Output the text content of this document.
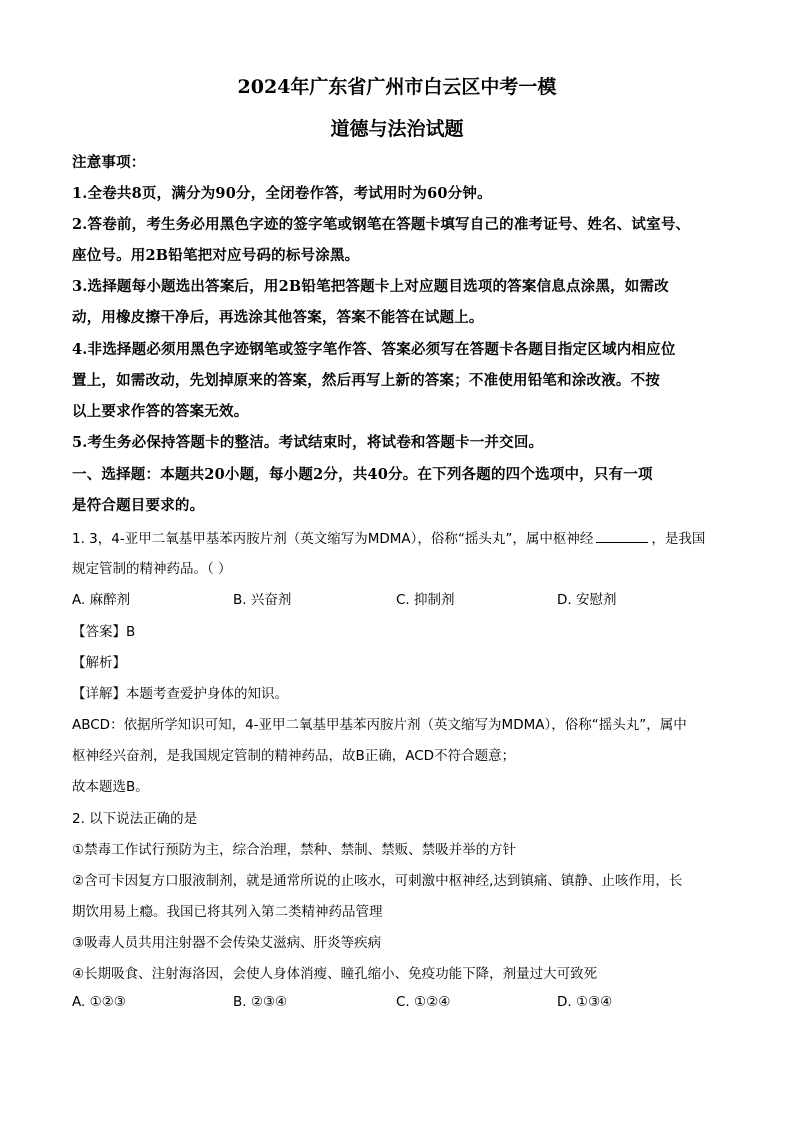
2024年广东省广州市白云区中考一模
道德与法治试题
注意事项：
1.全卷共8页，满分为90分，全闭卷作答，考试用时为60分钟。
2.答卷前，考生务必用黑色字迹的签字笔或钢笔在答题卡填写自己的准考证号、姓名、试室号、
座位号。用2B铅笔把对应号码的标号涂黑。
3.选择题每小题选出答案后，用2B铅笔把答题卡上对应题目选项的答案信息点涂黑，如需改
动，用橡皮擦干净后，再选涂其他答案，答案不能答在试题上。
4.非选择题必须用黑色字迹钢笔或签字笔作答、答案必须写在答题卡各题目指定区域内相应位
置上，如需改动，先划掉原来的答案，然后再写上新的答案；不准使用铅笔和涂改液。不按
以上要求作答的答案无效。
5.考生务必保持答题卡的整洁。考试结束时，将试卷和答题卡一并交回。
一、选择题：本题共20小题，每小题2分，共40分。在下列各题的四个选项中，只有一项
是符合题目要求的。
1. 3，4-亚甲二氧基甲基苯丙胺片剂（英文缩写为MDMA），俗称“摇头丸”，属中枢神经	，是我国
规定管制的精神药品。（ ）
A. 麻醉剂	B. 兴奋剂	C. 抑制剂	D. 安慰剂
【答案】B
【解析】
【详解】本题考查爱护身体的知识。
ABCD：依据所学知识可知，4-亚甲二氧基甲基苯丙胺片剂（英文缩写为MDMA），俗称“摇头丸”，属中
枢神经兴奋剂，是我国规定管制的精神药品，故B正确，ACD不符合题意；
故本题选B。
2. 以下说法正确的是
①禁毒工作试行预防为主，综合治理，禁种、禁制、禁贩、禁吸并举的方针
②含可卡因复方口服液制剂，就是通常所说的止咳水，可刺激中枢神经,达到镇痛、镇静、止咳作用，长
期饮用易上瘾。我国已将其列入第二类精神药品管理
③吸毒人员共用注射器不会传染艾滋病、肝炎等疾病
④长期吸食、注射海洛因，会使人身体消瘦、瞳孔缩小、免疫功能下降，剂量过大可致死
A. ①②③	B. ②③④	C. ①②④	D. ①③④
